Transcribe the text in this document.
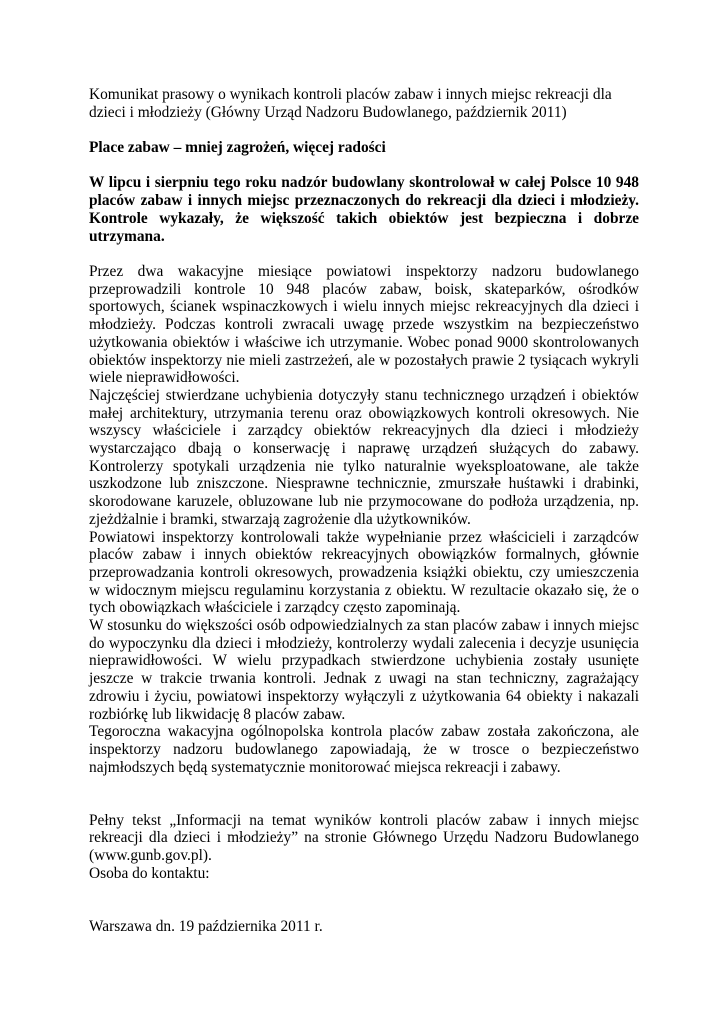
Komunikat prasowy o wynikach kontroli placów zabaw i innych miejsc rekreacji dla dzieci i młodzieży (Główny Urząd Nadzoru Budowlanego, październik 2011)

Place zabaw – mniej zagrożeń, więcej radości

W lipcu i sierpniu tego roku nadzór budowlany skontrolował w całej Polsce 10 948 placów zabaw i innych miejsc przeznaczonych do rekreacji dla dzieci i młodzieży. Kontrole wykazały, że większość takich obiektów jest bezpieczna i dobrze utrzymana.

Przez dwa wakacyjne miesiące powiatowi inspektorzy nadzoru budowlanego przeprowadzili kontrole 10 948 placów zabaw, boisk, skateparków, ośrodków sportowych, ścianek wspinaczkowych i wielu innych miejsc rekreacyjnych dla dzieci i młodzieży. Podczas kontroli zwracali uwagę przede wszystkim na bezpieczeństwo użytkowania obiektów i właściwe ich utrzymanie. Wobec ponad 9000 skontrolowanych obiektów inspektorzy nie mieli zastrzeżeń, ale w pozostałych prawie 2 tysiącach wykryli wiele nieprawidłowości.

Najczęściej stwierdzane uchybienia dotyczyły stanu technicznego urządzeń i obiektów małej architektury, utrzymania terenu oraz obowiązkowych kontroli okresowych. Nie wszyscy właściciele i zarządcy obiektów rekreacyjnych dla dzieci i młodzieży wystarczająco dbają o konserwację i naprawę urządzeń służących do zabawy. Kontrolerzy spotykali urządzenia nie tylko naturalnie wyeksploatowane, ale także uszkodzone lub zniszczone. Niesprawne technicznie, zmurszałe huśtawki i drabinki, skorodowane karuzele, obluzowane lub nie przymocowane do podłoża urządzenia, np. zjeżdżalnie i bramki, stwarzają zagrożenie dla użytkowników.

Powiatowi inspektorzy kontrolowali także wypełnianie przez właścicieli i zarządców placów zabaw i innych obiektów rekreacyjnych obowiązków formalnych, głównie przeprowadzania kontroli okresowych, prowadzenia książki obiektu, czy umieszczenia w widocznym miejscu regulaminu korzystania z obiektu. W rezultacie okazało się, że o tych obowiązkach właściciele i zarządcy często zapominają.

W stosunku do większości osób odpowiedzialnych za stan placów zabaw i innych miejsc do wypoczynku dla dzieci i młodzieży, kontrolerzy wydali zalecenia i decyzje usunięcia nieprawidłowości. W wielu przypadkach stwierdzone uchybienia zostały usunięte jeszcze w trakcie trwania kontroli. Jednak z uwagi na stan techniczny, zagrażający zdrowiu i życiu, powiatowi inspektorzy wyłączyli z użytkowania 64 obiekty i nakazali rozbiórkę lub likwidację 8 placów zabaw.

Tegoroczna wakacyjna ogólnopolska kontrola placów zabaw została zakończona, ale inspektorzy nadzoru budowlanego zapowiadają, że w trosce o bezpieczeństwo najmłodszych będą systematycznie monitorować miejsca rekreacji i zabawy.

Pełny tekst „Informacji na temat wyników kontroli placów zabaw i innych miejsc rekreacji dla dzieci i młodzieży” na stronie Głównego Urzędu Nadzoru Budowlanego (www.gunb.gov.pl).

Osoba do kontaktu:

Warszawa dn. 19 października 2011 r.
